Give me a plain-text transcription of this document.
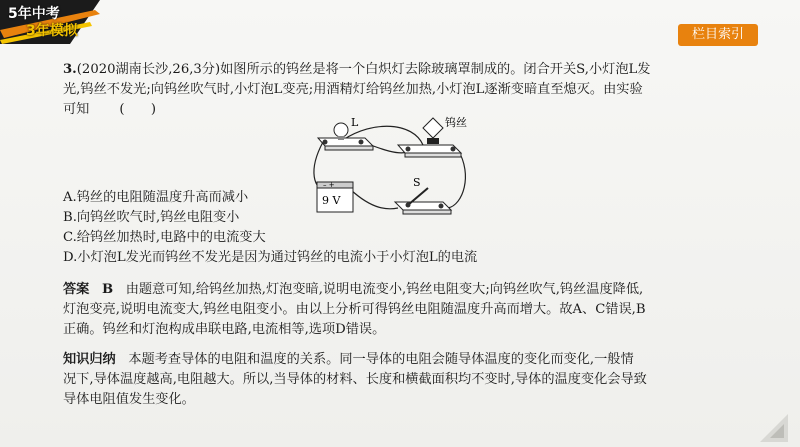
5年中考
3年模拟	栏目索引
3.(2020湖南长沙,26,3分)如图所示的钨丝是将一个白炽灯去除玻璃罩制成的。闭合开关S,小灯泡L发
光,钨丝不发光;向钨丝吹气时,小灯泡L变亮;用酒精灯给钨丝加热,小灯泡L逐渐变暗直至熄灭。由实验
可知 (　　)
L	钨丝
– +
9 V
S
A.钨丝的电阻随温度升高而减小
B.向钨丝吹气时,钨丝电阻变小
C.给钨丝加热时,电路中的电流变大
D.小灯泡L发光而钨丝不发光是因为通过钨丝的电流小于小灯泡L的电流
答案 B 由题意可知,给钨丝加热,灯泡变暗,说明电流变小,钨丝电阻变大;向钨丝吹气,钨丝温度降低,
灯泡变亮,说明电流变大,钨丝电阻变小。由以上分析可得钨丝电阻随温度升高而增大。故A、C错误,B
正确。钨丝和灯泡构成串联电路,电流相等,选项D错误。
知识归纳 本题考查导体的电阻和温度的关系。同一导体的电阻会随导体温度的变化而变化,一般情
况下,导体温度越高,电阻越大。所以,当导体的材料、长度和横截面积均不变时,导体的温度变化会导致
导体电阻值发生变化。
